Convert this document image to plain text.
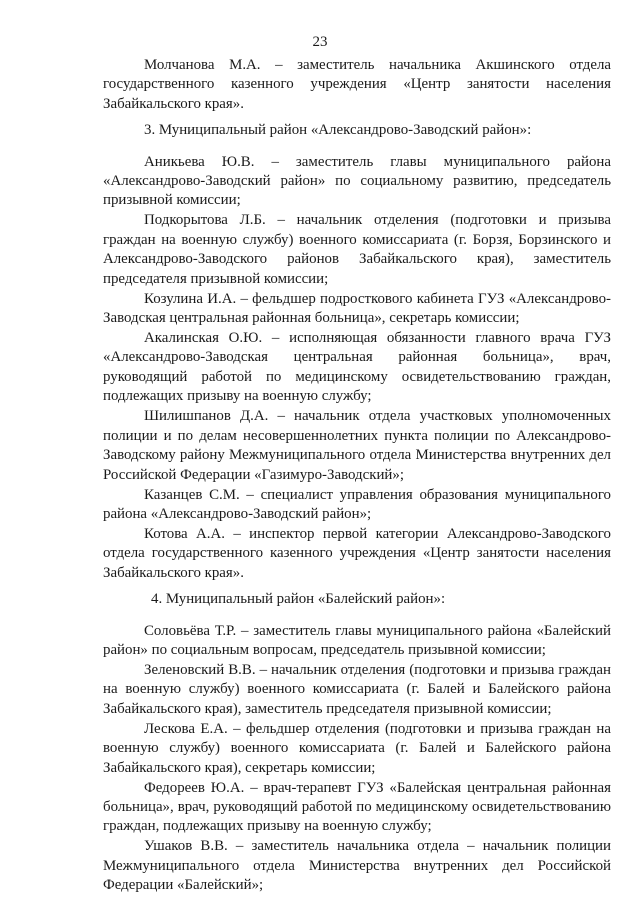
23

Молчанова М.А. – заместитель начальника Акшинского отдела государственного казенного учреждения «Центр занятости населения Забайкальского края».

3. Муниципальный район «Александрово-Заводский район»:

Аникьева Ю.В. – заместитель главы муниципального района «Александрово-Заводский район» по социальному развитию, председатель призывной комиссии;

Подкорытова Л.Б. – начальник отделения (подготовки и призыва граждан на военную службу) военного комиссариата (г. Борзя, Борзинского и Александрово-Заводского районов Забайкальского края), заместитель председателя призывной комиссии;

Козулина И.А. – фельдшер подросткового кабинета ГУЗ «Александрово-Заводская центральная районная больница», секретарь комиссии;

Акалинская О.Ю. – исполняющая обязанности главного врача ГУЗ «Александрово-Заводская центральная районная больница», врач, руководящий работой по медицинскому освидетельствованию граждан, подлежащих призыву на военную службу;

Шилишпанов Д.А. – начальник отдела участковых уполномоченных полиции и по делам несовершеннолетних пункта полиции по Александрово-Заводскому району Межмуниципального отдела Министерства внутренних дел Российской Федерации «Газимуро-Заводский»;

Казанцев С.М. – специалист управления образования муниципального района «Александрово-Заводский район»;

Котова А.А. – инспектор первой категории Александрово-Заводского отдела государственного казенного учреждения «Центр занятости населения Забайкальского края».

4. Муниципальный район «Балейский район»:

Соловьёва Т.Р. – заместитель главы муниципального района «Балейский район» по социальным вопросам, председатель призывной комиссии;

Зеленовский В.В. – начальник отделения (подготовки и призыва граждан на военную службу) военного комиссариата (г. Балей и Балейского района Забайкальского края), заместитель председателя призывной комиссии;

Лескова Е.А. – фельдшер отделения (подготовки и призыва граждан на военную службу) военного комиссариата (г. Балей и Балейского района Забайкальского края), секретарь комиссии;

Федореев Ю.А. – врач-терапевт ГУЗ «Балейская центральная районная больница», врач, руководящий работой по медицинскому освидетельствованию граждан, подлежащих призыву на военную службу;

Ушаков В.В. – заместитель начальника отдела – начальник полиции Межмуниципального отдела Министерства внутренних дел Российской Федерации «Балейский»;
